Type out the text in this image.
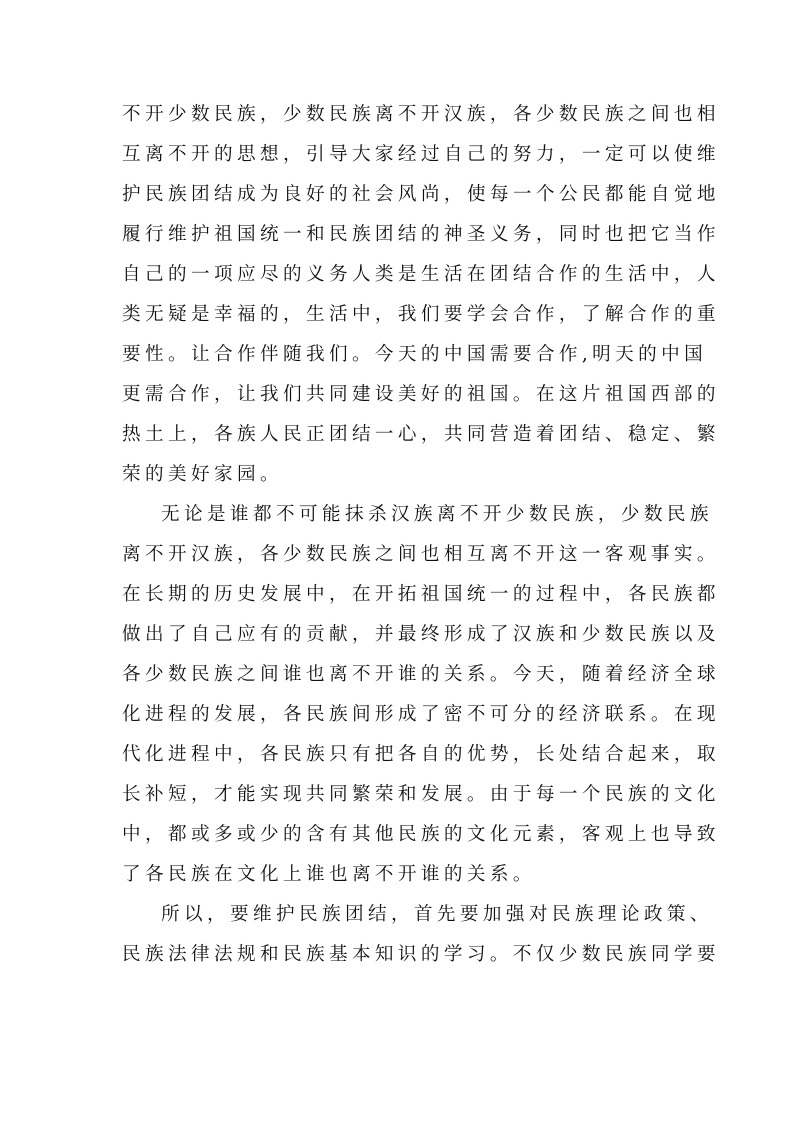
不开少数民族，少数民族离不开汉族，各少数民族之间也相
互离不开的思想，引导大家经过自己的努力，一定可以使维
护民族团结成为良好的社会风尚，使每一个公民都能自觉地
履行维护祖国统一和民族团结的神圣义务，同时也把它当作
自己的一项应尽的义务人类是生活在团结合作的生活中，人
类无疑是幸福的，生活中，我们要学会合作，了解合作的重
要性。让合作伴随我们。今天的中国需要合作,明天的中国
更需合作，让我们共同建设美好的祖国。在这片祖国西部的
热土上，各族人民正团结一心，共同营造着团结、稳定、繁
荣的美好家园。
无论是谁都不可能抹杀汉族离不开少数民族，少数民族
离不开汉族，各少数民族之间也相互离不开这一客观事实。
在长期的历史发展中，在开拓祖国统一的过程中，各民族都
做出了自己应有的贡献，并最终形成了汉族和少数民族以及
各少数民族之间谁也离不开谁的关系。今天，随着经济全球
化进程的发展，各民族间形成了密不可分的经济联系。在现
代化进程中，各民族只有把各自的优势，长处结合起来，取
长补短，才能实现共同繁荣和发展。由于每一个民族的文化
中，都或多或少的含有其他民族的文化元素，客观上也导致
了各民族在文化上谁也离不开谁的关系。
所以，要维护民族团结，首先要加强对民族理论政策、
民族法律法规和民族基本知识的学习。不仅少数民族同学要
